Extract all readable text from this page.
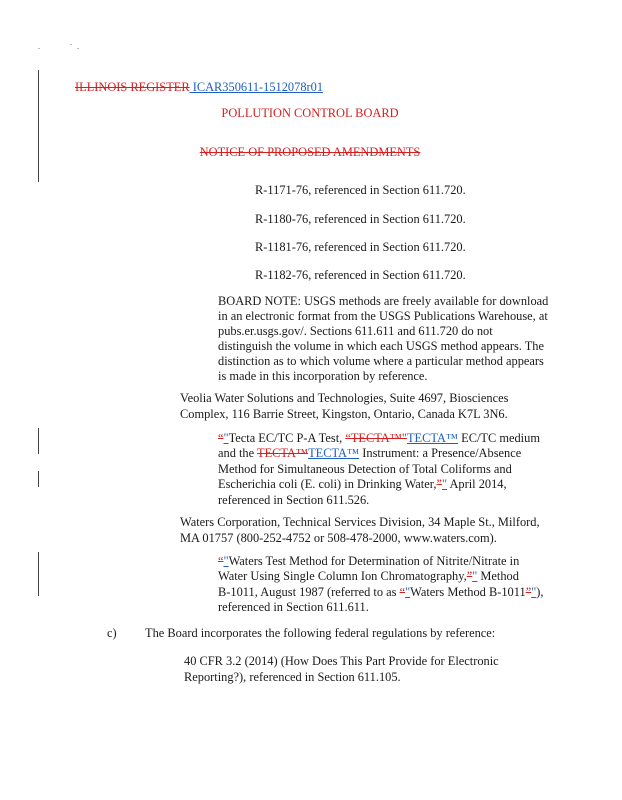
ILLINOIS REGISTER ICAR350611-1512078r01
POLLUTION CONTROL BOARD
NOTICE OF PROPOSED AMENDMENTS
R-1171-76, referenced in Section 611.720.
R-1180-76, referenced in Section 611.720.
R-1181-76, referenced in Section 611.720.
R-1182-76, referenced in Section 611.720.
BOARD NOTE: USGS methods are freely available for download
in an electronic format from the USGS Publications Warehouse, at
pubs.er.usgs.gov/. Sections 611.611 and 611.720 do not
distinguish the volume in which each USGS method appears. The
distinction as to which volume where a particular method appears
is made in this incorporation by reference.
Veolia Water Solutions and Technologies, Suite 4697, Biosciences
Complex, 116 Barrie Street, Kingston, Ontario, Canada K7L 3N6.
“"Tecta EC/TC P-A Test, “TECTA™"TECTA™ EC/TC medium
and the TECTA™TECTA™ Instrument: a Presence/Absence
Method for Simultaneous Detection of Total Coliforms and
Escherichia coli (E. coli) in Drinking Water,”" April 2014,
referenced in Section 611.526.
Waters Corporation, Technical Services Division, 34 Maple St., Milford,
MA 01757 (800-252-4752 or 508-478-2000, www.waters.com).
“"Waters Test Method for Determination of Nitrite/Nitrate in
Water Using Single Column Ion Chromatography,”" Method
B-1011, August 1987 (referred to as “"Waters Method B-1011”"),
referenced in Section 611.611.
c) The Board incorporates the following federal regulations by reference:
40 CFR 3.2 (2014) (How Does This Part Provide for Electronic
Reporting?), referenced in Section 611.105.
